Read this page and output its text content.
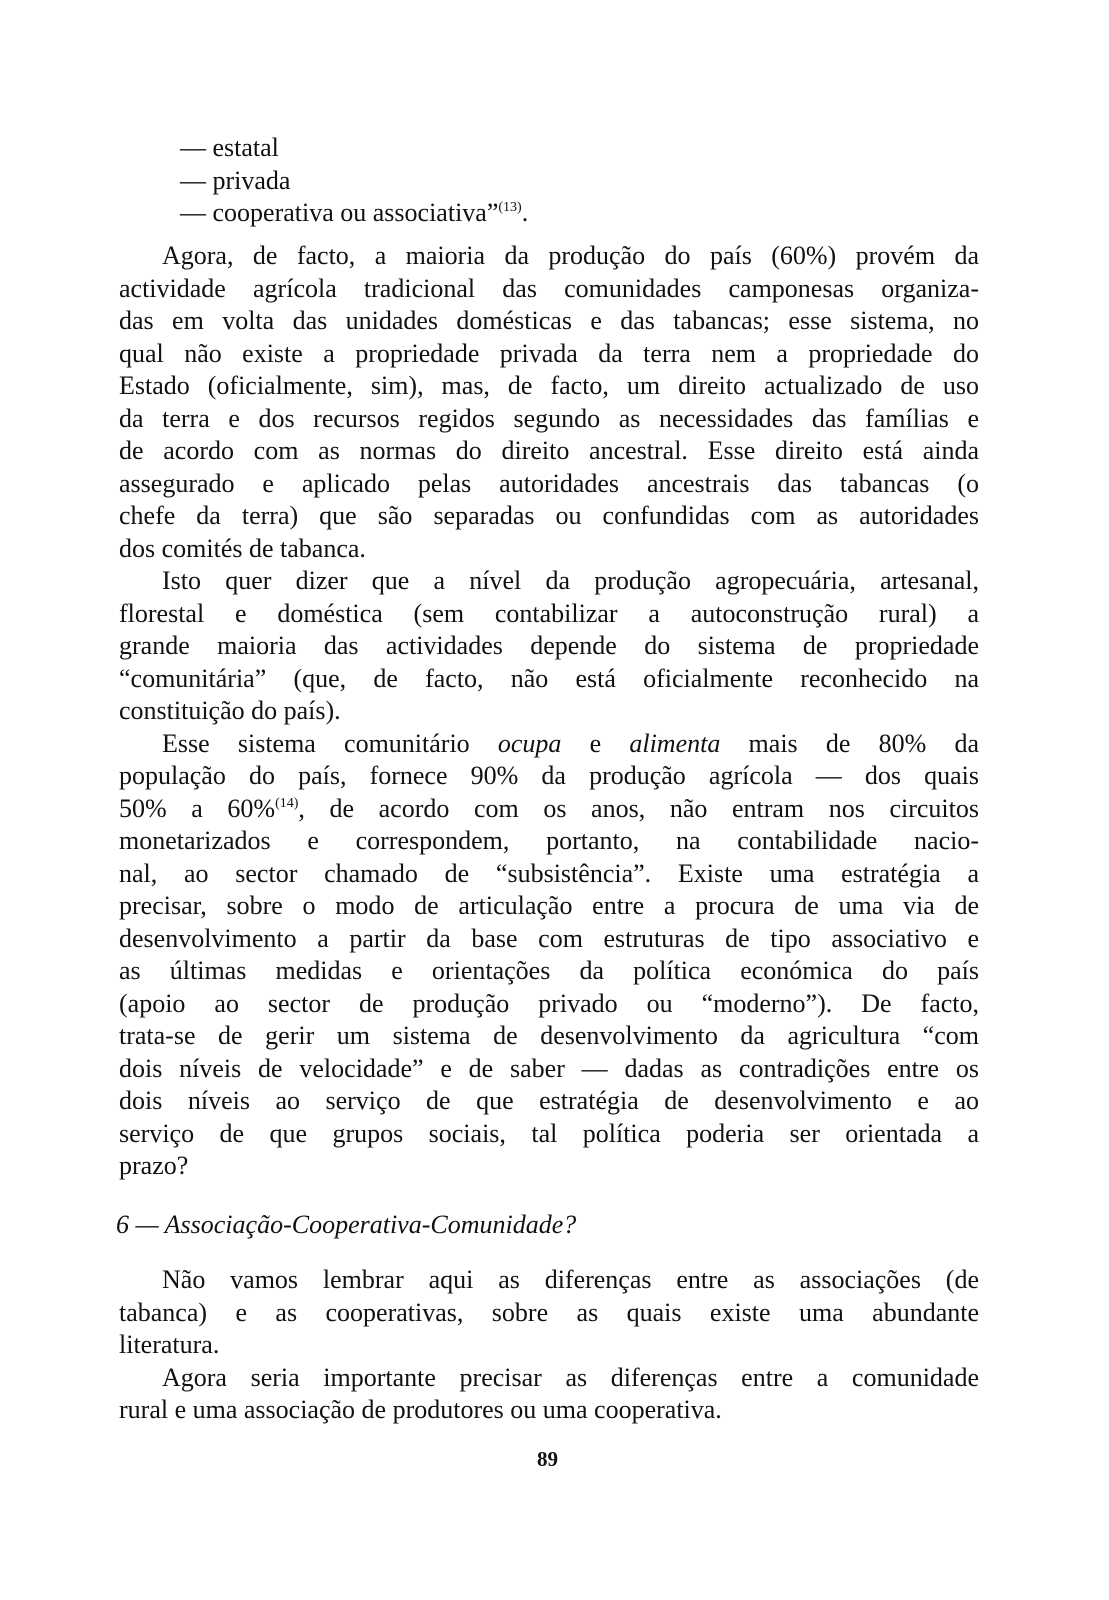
— estatal
— privada
— cooperativa ou associativa”$^{(13)}$.
Agora, de facto, a maioria da produção do país (60%) provém da
actividade agrícola tradicional das comunidades camponesas organiza-
das em volta das unidades domésticas e das tabancas; esse sistema, no
qual não existe a propriedade privada da terra nem a propriedade do
Estado (oficialmente, sim), mas, de facto, um direito actualizado de uso
da terra e dos recursos regidos segundo as necessidades das famílias e
de acordo com as normas do direito ancestral. Esse direito está ainda
assegurado e aplicado pelas autoridades ancestrais das tabancas (o
chefe da terra) que são separadas ou confundidas com as autoridades
dos comités de tabanca.
Isto quer dizer que a nível da produção agropecuária, artesanal,
florestal e doméstica (sem contabilizar a autoconstrução rural) a
grande maioria das actividades depende do sistema de propriedade
“comunitária” (que, de facto, não está oficialmente reconhecido na
constituição do país).
Esse sistema comunitário ocupa e alimenta mais de 80% da
população do país, fornece 90% da produção agrícola — dos quais
50% a 60%$^{(14)}$, de acordo com os anos, não entram nos circuitos
monetarizados e correspondem, portanto, na contabilidade nacio-
nal, ao sector chamado de “subsistência”. Existe uma estratégia a
precisar, sobre o modo de articulação entre a procura de uma via de
desenvolvimento a partir da base com estruturas de tipo associativo e
as últimas medidas e orientações da política económica do país
(apoio ao sector de produção privado ou “moderno”). De facto,
trata-se de gerir um sistema de desenvolvimento da agricultura “com
dois níveis de velocidade” e de saber — dadas as contradições entre os
dois níveis ao serviço de que estratégia de desenvolvimento e ao
serviço de que grupos sociais, tal política poderia ser orientada a
prazo?
6 — Associação-Cooperativa-Comunidade?
Não vamos lembrar aqui as diferenças entre as associações (de
tabanca) e as cooperativas, sobre as quais existe uma abundante
literatura.
Agora seria importante precisar as diferenças entre a comunidade
rural e uma associação de produtores ou uma cooperativa.
89
